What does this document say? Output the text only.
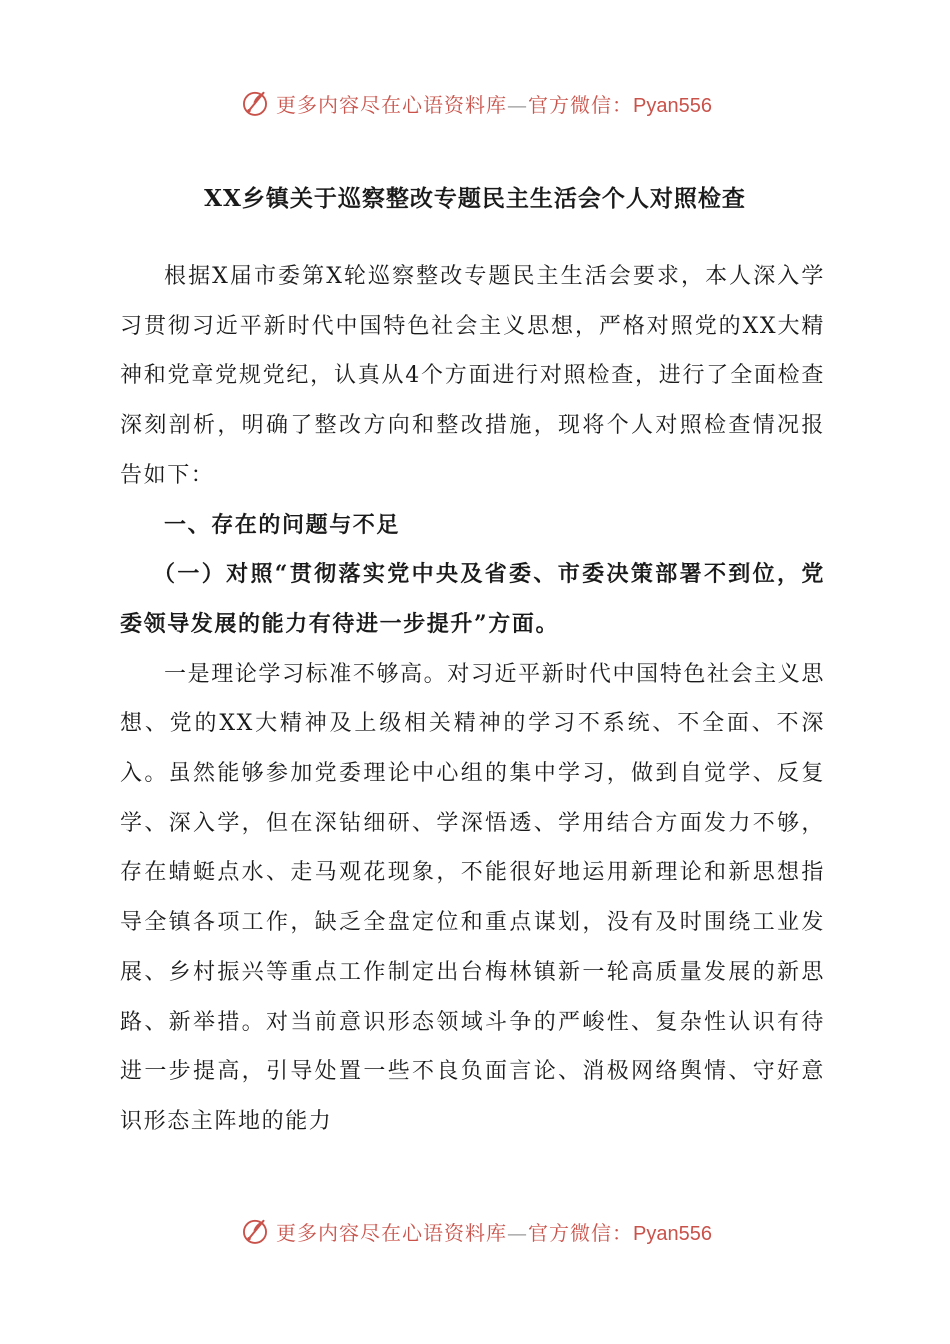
更多内容尽在心语资料库—官方微信：Pyan556
XX乡镇关于巡察整改专题民主生活会个人对照检查

根据X届市委第X轮巡察整改专题民主生活会要求，本人深入学习贯彻习近平新时代中国特色社会主义思想，严格对照党的XX大精神和党章党规党纪，认真从4个方面进行对照检查，进行了全面检查深刻剖析，明确了整改方向和整改措施，现将个人对照检查情况报告如下：

一、存在的问题与不足

（一）对照“贯彻落实党中央及省委、市委决策部署不到位，党委领导发展的能力有待进一步提升”方面。

一是理论学习标准不够高。对习近平新时代中国特色社会主义思想、党的XX大精神及上级相关精神的学习不系统、不全面、不深入。虽然能够参加党委理论中心组的集中学习，做到自觉学、反复学、深入学，但在深钻细研、学深悟透、学用结合方面发力不够，存在蜻蜓点水、走马观花现象，不能很好地运用新理论和新思想指导全镇各项工作，缺乏全盘定位和重点谋划，没有及时围绕工业发展、乡村振兴等重点工作制定出台梅林镇新一轮高质量发展的新思路、新举措。对当前意识形态领域斗争的严峻性、复杂性认识有待进一步提高，引导处置一些不良负面言论、消极网络舆情、守好意识形态主阵地的能力

更多内容尽在心语资料库—官方微信：Pyan556
